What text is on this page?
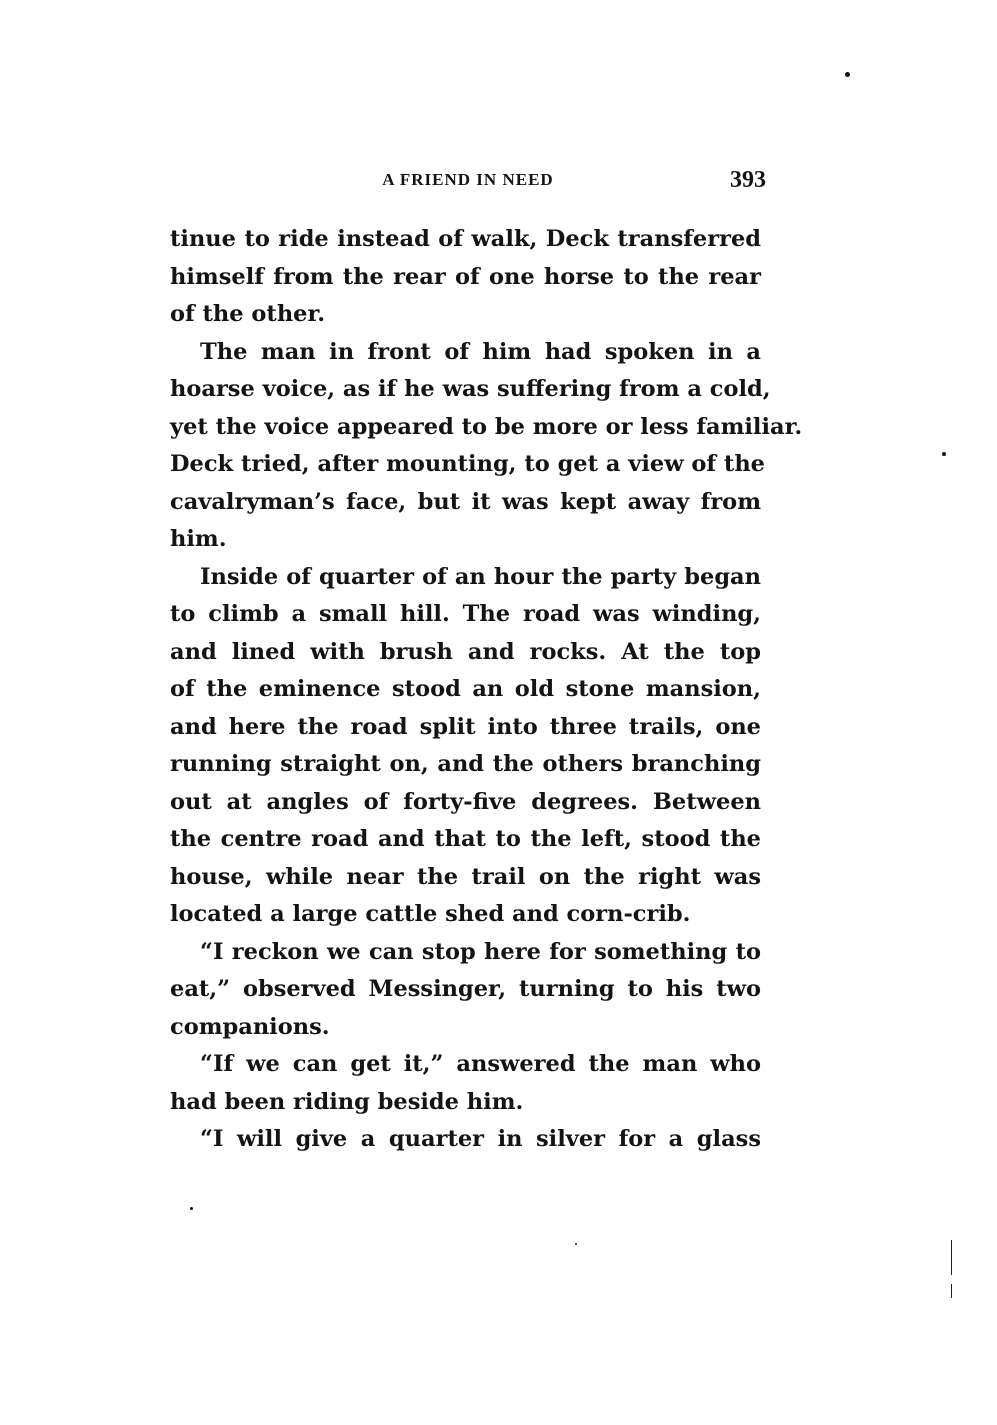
A FRIEND IN NEED	393
tinue to ride instead of walk, Deck transferred
himself from the rear of one horse to the rear
of the other.
The man in front of him had spoken in a
hoarse voice, as if he was suffering from a cold,
yet the voice appeared to be more or less familiar.
Deck tried, after mounting, to get a view of the
cavalryman’s face, but it was kept away from
him.
Inside of quarter of an hour the party began
to climb a small hill. The road was winding,
and lined with brush and rocks. At the top
of the eminence stood an old stone mansion,
and here the road split into three trails, one
running straight on, and the others branching
out at angles of forty-five degrees. Between
the centre road and that to the left, stood the
house, while near the trail on the right was
located a large cattle shed and corn-crib.
“I reckon we can stop here for something to
eat,” observed Messinger, turning to his two
companions.
“If we can get it,” answered the man who
had been riding beside him.
“I will give a quarter in silver for a glass
